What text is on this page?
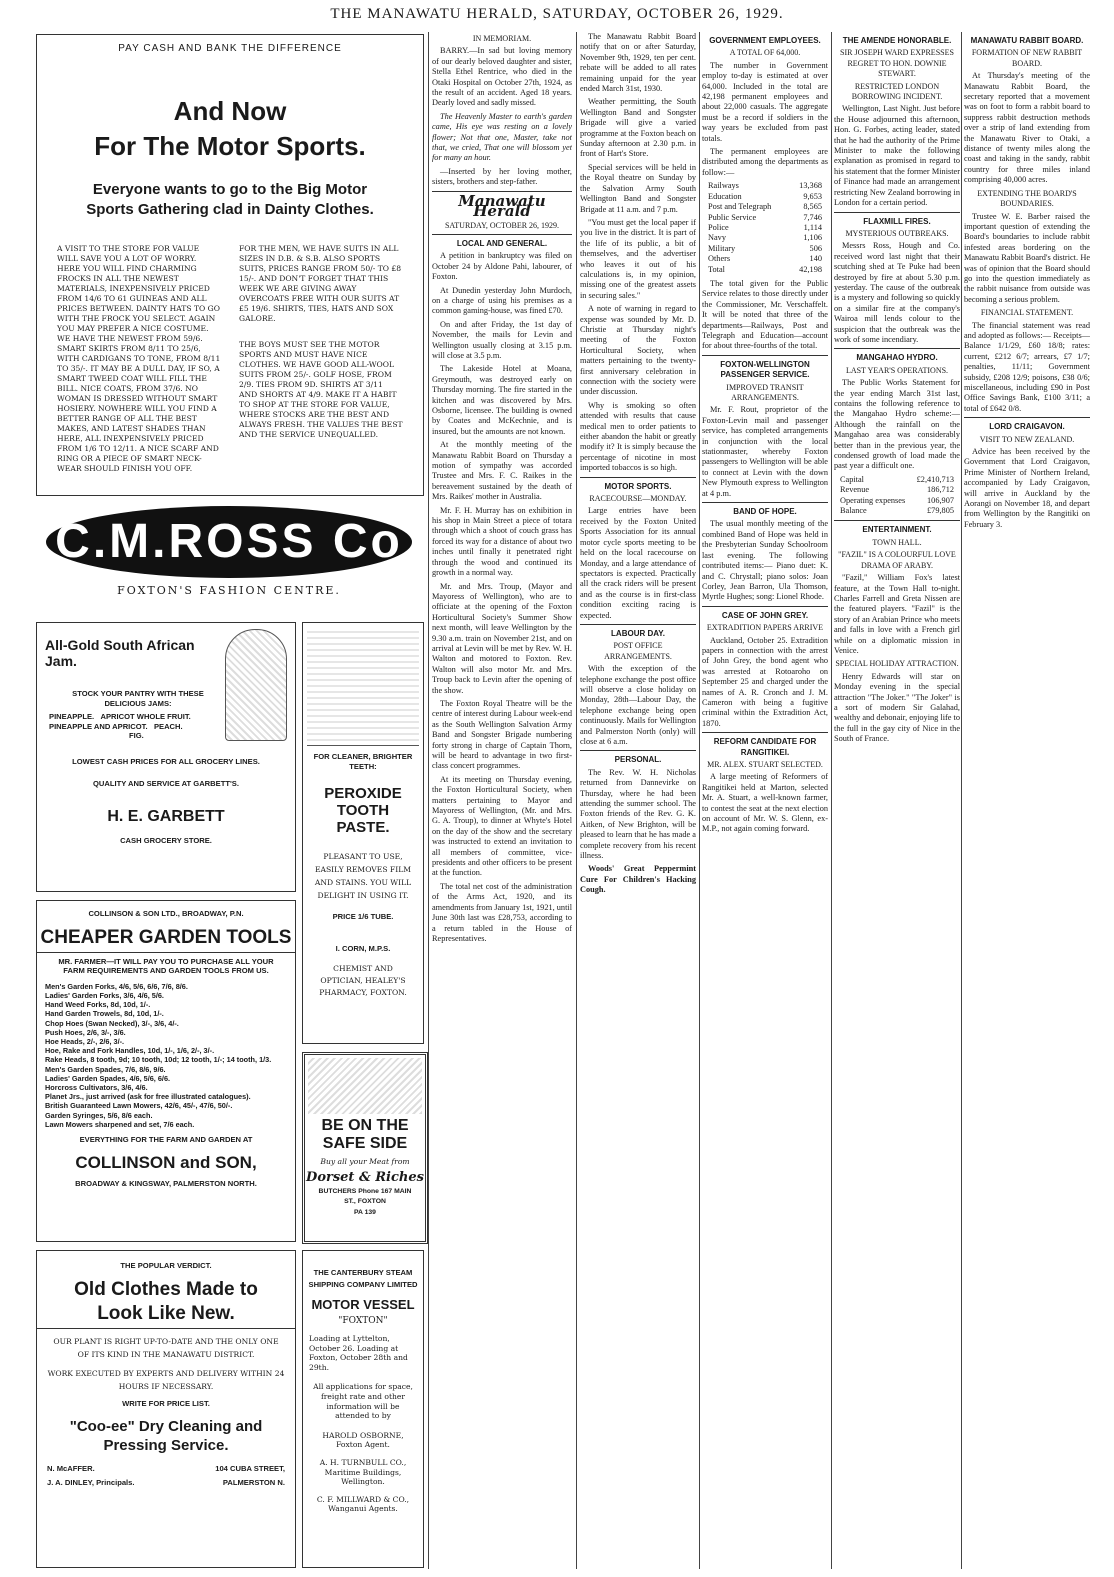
THE MANAWATU HERALD, SATURDAY, OCTOBER 26, 1929.
PAY CASH AND BANK THE DIFFERENCE
And Now
For The Motor Sports.
Everyone wants to go to the Big Motor Sports Gathering clad in Dainty Clothes.
A VISIT TO THE STORE FOR VALUE WILL SAVE YOU A LOT OF WORRY. HERE YOU WILL FIND CHARMING FROCKS IN ALL THE NEWEST MATERIALS, INEXPENSIVELY PRICED FROM 14/6 TO 61 GUINEAS AND ALL PRICES BETWEEN. DAINTY HATS TO GO WITH THE FROCK YOU SELECT. AGAIN YOU MAY PREFER A NICE COSTUME. WE HAVE THE NEWEST FROM 59/6. SMART SKIRTS FROM 8/11 TO 25/6, WITH CARDIGANS TO TONE, FROM 8/11 TO 35/-. IT MAY BE A DULL DAY, IF SO, A SMART TWEED COAT WILL FILL THE BILL. NICE COATS, FROM 37/6. NO WOMAN IS DRESSED WITHOUT SMART HOSIERY. NOWHERE WILL YOU FIND A BETTER RANGE OF ALL THE BEST MAKES, AND LATEST SHADES THAN HERE, ALL INEXPENSIVELY PRICED FROM 1/6 TO 12/11. A NICE SCARF AND RING OR A PIECE OF SMART NECK-WEAR SHOULD FINISH YOU OFF.
FOR THE MEN, WE HAVE SUITS IN ALL SIZES IN D.B. & S.B. ALSO SPORTS SUITS, PRICES RANGE FROM 50/- TO £8 15/-. AND DON'T FORGET THAT THIS WEEK WE ARE GIVING AWAY OVERCOATS FREE WITH OUR SUITS AT £5 19/6. SHIRTS, TIES, HATS AND SOX GALORE.
THE BOYS MUST SEE THE MOTOR SPORTS AND MUST HAVE NICE CLOTHES. WE HAVE GOOD ALL-WOOL SUITS FROM 25/-. GOLF HOSE, FROM 2/9. TIES FROM 9D. SHIRTS AT 3/11 AND SHORTS AT 4/9. MAKE IT A HABIT TO SHOP AT THE STORE FOR VALUE, WHERE STOCKS ARE THE BEST AND ALWAYS FRESH. THE VALUES THE BEST AND THE SERVICE UNEQUALLED.
C.M.ROSS Co
FOXTON'S FASHION CENTRE.
All-Gold South African Jam.
STOCK YOUR PANTRY WITH THESE DELICIOUS JAMS:
PINEAPPLE. APRICOT WHOLE FRUIT.
PINEAPPLE AND APRICOT. PEACH.
FIG.
LOWEST CASH PRICES FOR ALL GROCERY LINES.
QUALITY AND SERVICE AT GARBETT'S.
H. E. GARBETT
CASH GROCERY STORE.
FOR CLEANER, BRIGHTER TEETH:
PEROXIDE
TOOTH
PASTE.
PLEASANT TO USE, EASILY REMOVES FILM AND STAINS. YOU WILL DELIGHT IN USING IT.
PRICE 1/6 TUBE.
I. CORN, M.P.S.
CHEMIST AND OPTICIAN, HEALEY'S PHARMACY, FOXTON.
COLLINSON & SON LTD., BROADWAY, P.N.
CHEAPER GARDEN TOOLS
MR. FARMER—IT WILL PAY YOU TO PURCHASE ALL YOUR FARM REQUIREMENTS AND GARDEN TOOLS FROM US.
Men's Garden Forks, 4/6, 5/6, 6/6, 7/6, 8/6.
Ladies' Garden Forks, 3/6, 4/6, 5/6.
Hand Weed Forks, 8d, 10d, 1/-.
Hand Garden Trowels, 8d, 10d, 1/-.
Chop Hoes (Swan Necked), 3/-, 3/6, 4/-.
Push Hoes, 2/6, 3/-, 3/6.
Hoe Heads, 2/-, 2/6, 3/-.
Hoe, Rake and Fork Handles, 10d, 1/-, 1/6, 2/-, 3/-.
Rake Heads, 8 tooth, 9d; 10 tooth, 10d; 12 tooth, 1/-; 14 tooth, 1/3.
Men's Garden Spades, 7/6, 8/6, 9/6.
Ladies' Garden Spades, 4/6, 5/6, 6/6.
Horcross Cultivators, 3/6, 4/6.
Planet Jrs., just arrived (ask for free illustrated catalogues).
British Guaranteed Lawn Mowers, 42/6, 45/-, 47/6, 50/-.
Garden Syringes, 5/6, 8/6 each.
Lawn Mowers sharpened and set, 7/6 each.
EVERYTHING FOR THE FARM AND GARDEN AT
COLLINSON and SON,
BROADWAY & KINGSWAY, PALMERSTON NORTH.
BE ON THE
SAFE SIDE
Buy all your Meat from
Dorset & Riches
BUTCHERS Phone 167 MAIN ST., FOXTON
PA 139
THE POPULAR VERDICT.
Old Clothes Made to
Look Like New.
OUR PLANT IS RIGHT UP-TO-DATE AND THE ONLY ONE OF ITS KIND IN THE MANAWATU DISTRICT.
WORK EXECUTED BY EXPERTS AND DELIVERY WITHIN 24 HOURS IF NECESSARY.
WRITE FOR PRICE LIST.
"Coo-ee" Dry Cleaning and
Pressing Service.
N. McAFFER.	104 CUBA STREET,
J. A. DINLEY, Principals.	PALMERSTON N.
THE CANTERBURY STEAM SHIPPING COMPANY LIMITED
MOTOR VESSEL
"FOXTON"
Loading at Lyttelton, October 26. Loading at Foxton, October 28th and 29th.
All applications for space, freight rate and other information will be attended to by
HAROLD OSBORNE, Foxton Agent.
A. H. TURNBULL CO., Maritime Buildings, Wellington.
C. F. MILLWARD & CO., Wanganui Agents.
IN MEMORIAM.

BARRY.—In sad but loving memory of our dearly beloved daughter and sister, Stella Ethel Rentrice, who died in the Otaki Hospital on October 27th, 1924, as the result of an accident. Aged 18 years. Dearly loved and sadly missed.

The Heavenly Master to earth's garden came, His eye was resting on a lovely flower; Not that one, Master, take not that, we cried, That one will blossom yet for many an hour.

—Inserted by her loving mother, sisters, brothers and step-father.

Manawatu Herald
SATURDAY, OCTOBER 26, 1929.
LOCAL AND GENERAL.

A petition in bankruptcy was filed on October 24 by Aldone Pahi, labourer, of Foxton.

At Dunedin yesterday John Murdoch, on a charge of using his premises as a common gaming-house, was fined £70.

On and after Friday, the 1st day of November, the mails for Levin and Wellington usually closing at 3.15 p.m. will close at 3.5 p.m.

The Lakeside Hotel at Moana, Greymouth, was destroyed early on Thursday morning. The fire started in the kitchen and was discovered by Mrs. Osborne, licensee. The building is owned by Coates and McKechnie, and is insured, but the amounts are not known.

At the monthly meeting of the Manawatu Rabbit Board on Thursday a motion of sympathy was accorded Trustee and Mrs. F. C. Raikes in the bereavement sustained by the death of Mrs. Raikes' mother in Australia.

Mr. F. H. Murray has on exhibition in his shop in Main Street a piece of totara through which a shoot of couch grass has forced its way for a distance of about two inches until finally it penetrated right through the wood and continued its growth in a normal way.

Mr. and Mrs. Troup, (Mayor and Mayoress of Wellington), who are to officiate at the opening of the Foxton Horticultural Society's Summer Show next month, will leave Wellington by the 9.30 a.m. train on November 21st, and on arrival at Levin will be met by Rev. W. H. Walton and motored to Foxton. Rev. Walton will also motor Mr. and Mrs. Troup back to Levin after the opening of the show.

The Foxton Royal Theatre will be the centre of interest during Labour week-end as the South Wellington Salvation Army Band and Songster Brigade numbering forty strong in charge of Captain Thorn, will be heard to advantage in two first-class concert programmes.

At its meeting on Thursday evening, the Foxton Horticultural Society, when matters pertaining to Mayor and Mayoress of Wellington, (Mr. and Mrs. G. A. Troup), to dinner at Whyte's Hotel on the day of the show and the secretary was instructed to extend an invitation to all members of committee, vice-presidents and other officers to be present at the function.

The total net cost of the administration of the Arms Act, 1920, and its amendments from January 1st, 1921, until June 30th last was £28,753, according to a return tabled in the House of Representatives.

The Manawatu Rabbit Board notify that on or after Saturday, November 9th, 1929, ten per cent. rebate will be added to all rates remaining unpaid for the year ended March 31st, 1930.

Weather permitting, the South Wellington Band and Songster Brigade will give a varied programme at the Foxton beach on Sunday afternoon at 2.30 p.m. in front of Hart's Store.

Special services will be held in the Royal theatre on Sunday by the Salvation Army South Wellington Band and Songster Brigade at 11 a.m. and 7 p.m.

"You must get the local paper if you live in the district. It is part of the life of its public, a bit of themselves, and the advertiser who leaves it out of his calculations is, in my opinion, missing one of the greatest assets in securing sales."

A note of warning in regard to expense was sounded by Mr. D. Christie at Thursday night's meeting of the Foxton Horticultural Society, when matters pertaining to the twenty-first anniversary celebration in connection with the society were under discussion.

Why is smoking so often attended with results that cause medical men to order patients to either abandon the habit or greatly modify it? It is simply because the percentage of nicotine in most imported tobaccos is so high.

MOTOR SPORTS.
RACECOURSE—MONDAY.

Large entries have been received by the Foxton United Sports Association for its annual motor cycle sports meeting to be held on the local racecourse on Monday, and a large attendance of spectators is expected. Practically all the crack riders will be present and as the course is in first-class condition exciting racing is expected.

LABOUR DAY.
POST OFFICE ARRANGEMENTS.

With the exception of the telephone exchange the post office will observe a close holiday on Monday, 28th—Labour Day, the telephone exchange being open continuously. Mails for Wellington and Palmerston North (only) will close at 6 a.m.

PERSONAL.

The Rev. W. H. Nicholas returned from Dannevirke on Thursday, where he had been attending the summer school. The Foxton friends of the Rev. G. K. Aitken, of New Brighton, will be pleased to learn that he has made a complete recovery from his recent illness.

Woods' Great Peppermint Cure For Children's Hacking Cough.

GOVERNMENT EMPLOYEES.
A TOTAL OF 64,000.

The number in Government employ to-day is estimated at over 64,000. Included in the total are 42,198 permanent employees and about 22,000 casuals. The aggregate must be a record if soldiers in the way years be excluded from past totals.

The permanent employees are distributed among the departments as follow:—

Railways	13,368
Education	9,653
Post and Telegraph	8,565
Public Service	7,746
Police	1,114
Navy	1,106
Military	506
Others	140
Total	42,198

The total given for the Public Service relates to those directly under the Commissioner, Mr. Verschaffelt. It will be noted that three of the departments—Railways, Post and Telegraph and Education—account for about three-fourths of the total.

FOXTON-WELLINGTON PASSENGER SERVICE.
IMPROVED TRANSIT ARRANGEMENTS.

Mr. F. Rout, proprietor of the Foxton-Levin mail and passenger service, has completed arrangements in conjunction with the local stationmaster, whereby Foxton passengers to Wellington will be able to connect at Levin with the down New Plymouth express to Wellington at 4 p.m.

BAND OF HOPE.

The usual monthly meeting of the combined Band of Hope was held in the Presbyterian Sunday Schoolroom last evening. The following contributed items:— Piano duet: K. and C. Chrystall; piano solos: Joan Corley, Jean Barron, Ula Thomson, Myrtle Hughes; song: Lionel Rhode.

CASE OF JOHN GREY.
EXTRADITION PAPERS ARRIVE

Auckland, October 25. Extradition papers in connection with the arrest of John Grey, the bond agent who was arrested at Rotoaroho on September 25 and charged under the names of A. R. Cronch and J. M. Cameron with being a fugitive criminal within the Extradition Act, 1870.

REFORM CANDIDATE FOR RANGITIKEI.
MR. ALEX. STUART SELECTED.

A large meeting of Reformers of Rangitikei held at Marton, selected Mr. A. Stuart, a well-known farmer, to contest the seat at the next election on account of Mr. W. S. Glenn, ex-M.P., not again coming forward.

THE AMENDE HONORABLE.
SIR JOSEPH WARD EXPRESSES REGRET TO HON. DOWNIE STEWART.
RESTRICTED LONDON BORROWING INCIDENT.

Wellington, Last Night. Just before the House adjourned this afternoon, Hon. G. Forbes, acting leader, stated that he had the authority of the Prime Minister to make the following explanation as promised in regard to his statement that the former Minister of Finance had made an arrangement restricting New Zealand borrowing in London for a certain period.

FLAXMILL FIRES.
MYSTERIOUS OUTBREAKS.

Messrs Ross, Hough and Co. received word last night that their scutching shed at Te Puke had been destroyed by fire at about 5.30 p.m. yesterday. The cause of the outbreak is a mystery and following so quickly on a similar fire at the company's Wairoa mill lends colour to the suspicion that the outbreak was the work of some incendiary.

MANGAHAO HYDRO.
LAST YEAR'S OPERATIONS.

The Public Works Statement for the year ending March 31st last, contains the following reference to the Mangahao Hydro scheme:— Although the rainfall on the Mangahao area was considerably better than in the previous year, the condensed growth of load made the past year a difficult one.

Capital	£2,410,713
Revenue	186,712
Operating expenses	106,907
Balance	£79,805
ENTERTAINMENT.
TOWN HALL.
"FAZIL" IS A COLOURFUL LOVE DRAMA OF ARABY.

"Fazil," William Fox's latest feature, at the Town Hall to-night. Charles Farrell and Greta Nissen are the featured players. "Fazil" is the story of an Arabian Prince who meets and falls in love with a French girl while on a diplomatic mission in Venice.

SPECIAL HOLIDAY ATTRACTION.

Henry Edwards will star on Monday evening in the special attraction "The Joker." "The Joker" is a sort of modern Sir Galahad, wealthy and debonair, enjoying life to the full in the gay city of Nice in the South of France.

MANAWATU RABBIT BOARD.
FORMATION OF NEW RABBIT BOARD.

At Thursday's meeting of the Manawatu Rabbit Board, the secretary reported that a movement was on foot to form a rabbit board to suppress rabbit destruction methods over a strip of land extending from the Manawatu River to Otaki, a distance of twenty miles along the coast and taking in the sandy, rabbit country for three miles inland comprising 40,000 acres.

EXTENDING THE BOARD'S BOUNDARIES.

Trustee W. E. Barber raised the important question of extending the Board's boundaries to include rabbit infested areas bordering on the Manawatu Rabbit Board's district. He was of opinion that the Board should go into the question immediately as the rabbit nuisance from outside was becoming a serious problem.

FINANCIAL STATEMENT.

The financial statement was read and adopted as follows:— Receipts—Balance 1/1/29, £60 18/8; rates: current, £212 6/7; arrears, £7 1/7; penalties, 11/11; Government subsidy, £208 12/9; poisons, £38 0/6; miscellaneous, including £90 in Post Office Savings Bank, £100 3/11; a total of £642 0/8.

LORD CRAIGAVON.
VISIT TO NEW ZEALAND.

Advice has been received by the Government that Lord Craigavon, Prime Minister of Northern Ireland, accompanied by Lady Craigavon, will arrive in Auckland by the Aorangi on November 18, and depart from Wellington by the Rangitiki on February 3.
